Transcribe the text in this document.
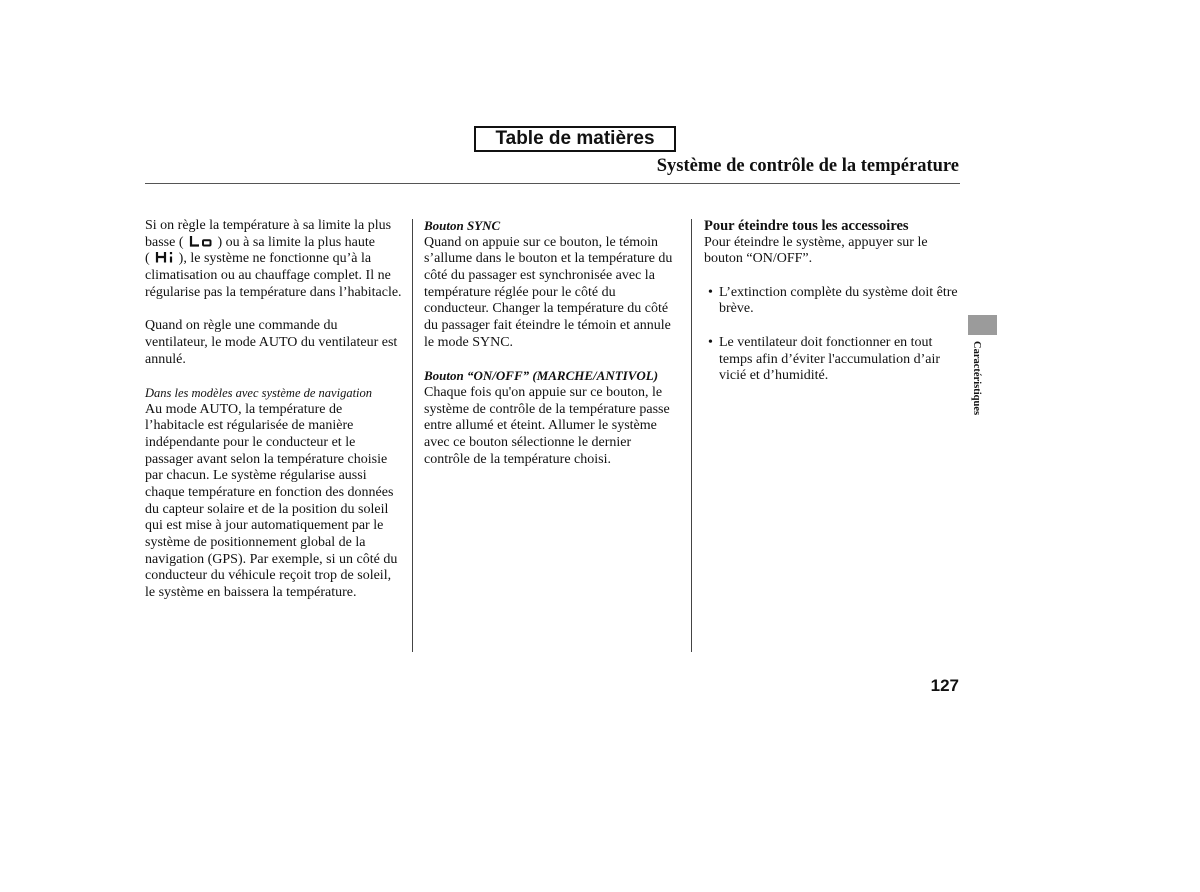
Table de matières
Système de contrôle de la température
Si on règle la température à sa limite la plus
basse ( ) ou à sa limite la plus haute
( ), le système ne fonctionne qu’à la
climatisation ou au chauffage complet. Il ne
régularise pas la température dans l’habitacle.
Quand on règle une commande du
ventilateur, le mode AUTO du ventilateur est
annulé.
Dans les modèles avec système de navigation
Au mode AUTO, la température de
l’habitacle est régularisée de manière
indépendante pour le conducteur et le
passager avant selon la température choisie
par chacun. Le système régularise aussi
chaque température en fonction des données
du capteur solaire et de la position du soleil
qui est mise à jour automatiquement par le
système de positionnement global de la
navigation (GPS). Par exemple, si un côté du
conducteur du véhicule reçoit trop de soleil,
le système en baissera la température.
Bouton SYNC
Quand on appuie sur ce bouton, le témoin
s’allume dans le bouton et la température du
côté du passager est synchronisée avec la
température réglée pour le côté du
conducteur. Changer la température du côté
du passager fait éteindre le témoin et annule
le mode SYNC.
Bouton “ON/OFF” (MARCHE/ANTIVOL)
Chaque fois qu'on appuie sur ce bouton, le
système de contrôle de la température passe
entre allumé et éteint. Allumer le système
avec ce bouton sélectionne le dernier
contrôle de la température choisi.
Pour éteindre tous les accessoires
Pour éteindre le système, appuyer sur le
bouton “ON/OFF”.
• L’extinction complète du système doit être
brève.
• Le ventilateur doit fonctionner en tout
temps afin d’éviter l'accumulation d’air
vicié et d’humidité.	Caractéristiques
127
